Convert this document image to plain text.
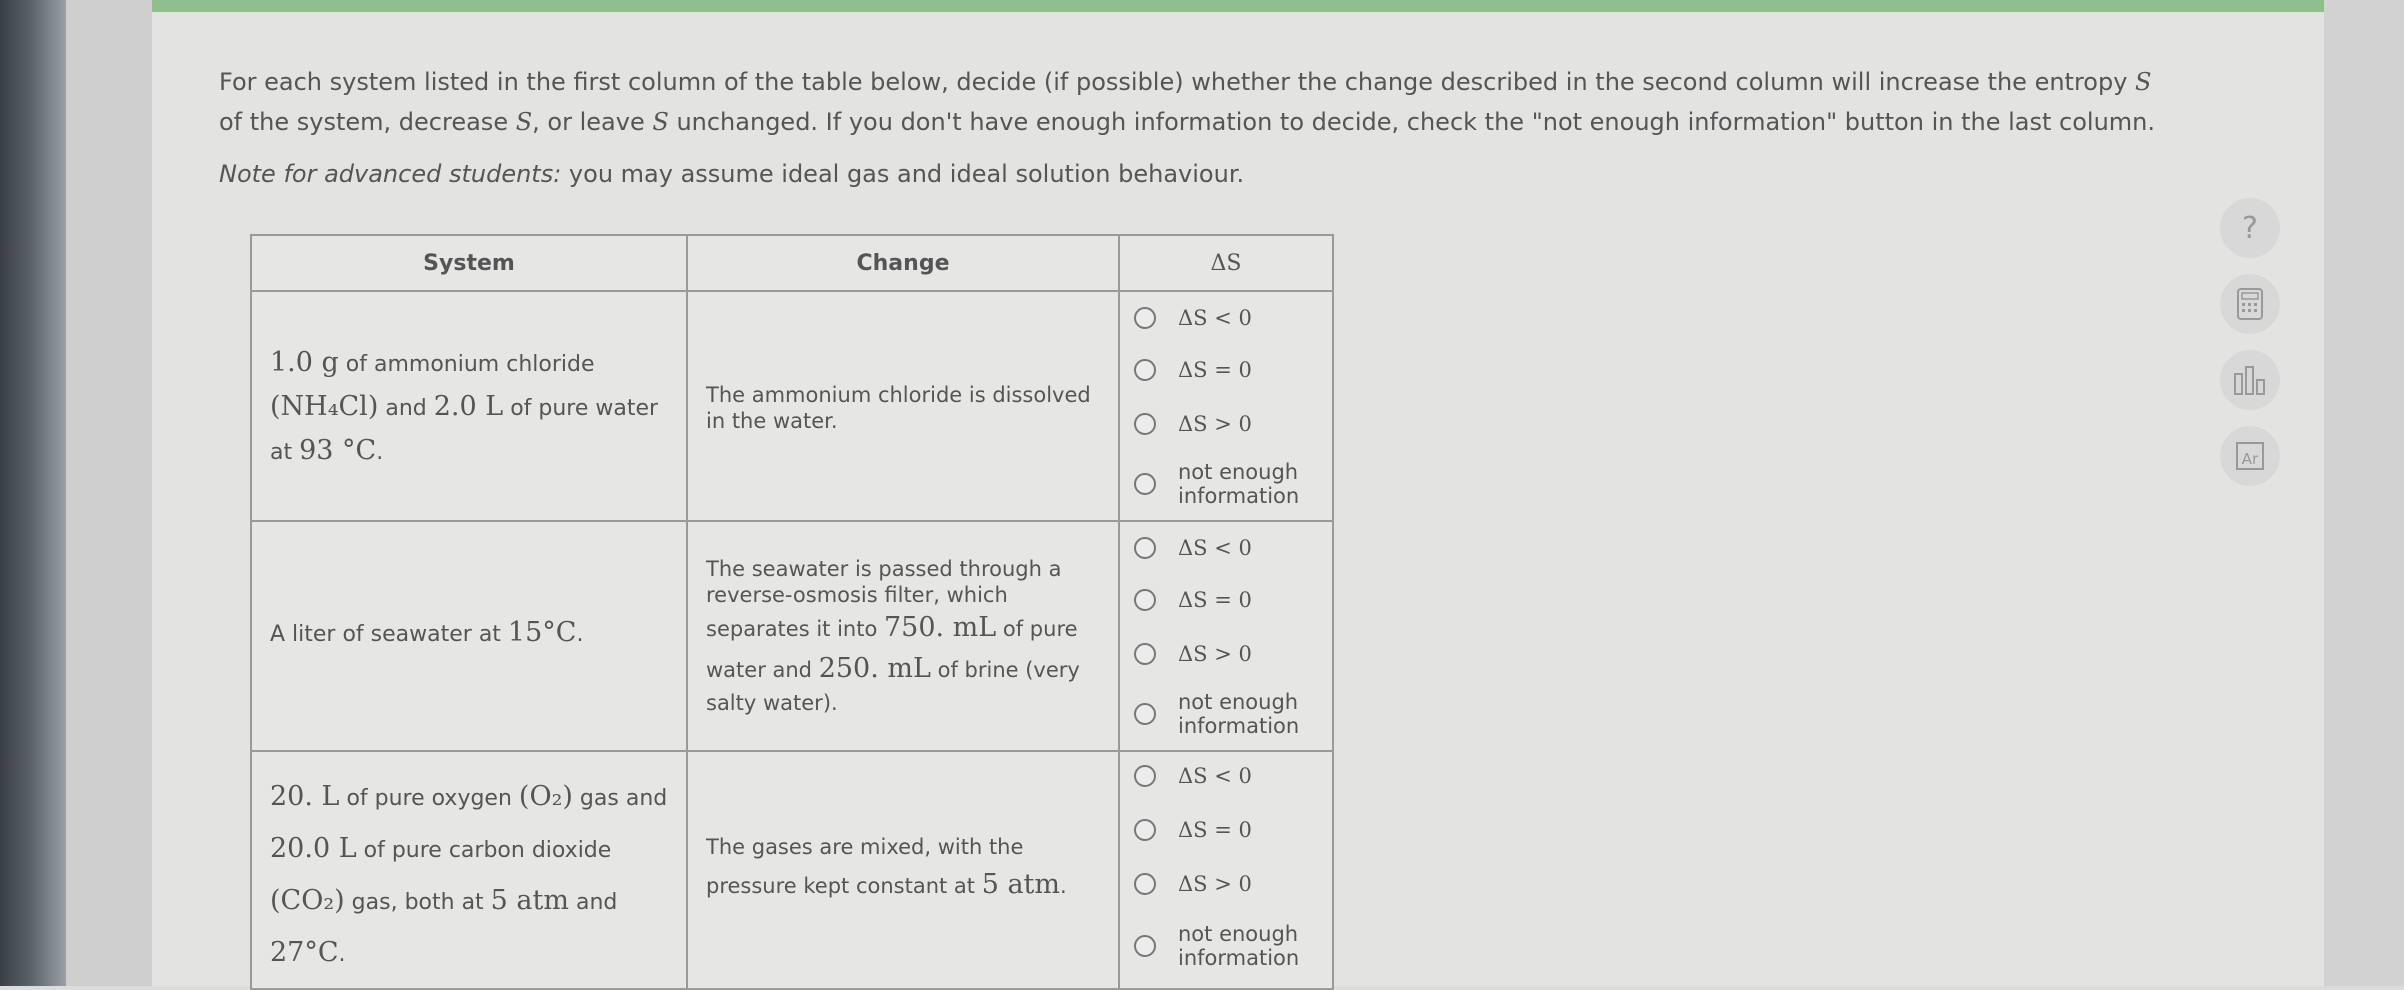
For each system listed in the first column of the table below, decide (if possible) whether the change described in the second column will increase the entropy S
of the system, decrease S, or leave S unchanged. If you don't have enough information to decide, check the "not enough information" button in the last column.
Note for advanced students: you may assume ideal gas and ideal solution behaviour.
System	Change	ΔS
1.0 g of ammonium chloride
(NH₄Cl) and 2.0 L of pure water
at 93 °C.
The ammonium chloride is dissolved in the water.
ΔS < 0
ΔS = 0
ΔS > 0
not enough
information
A liter of seawater at 15°C.
The seawater is passed through a reverse-osmosis filter, which
separates it into 750. mL of pure
water and 250. mL of brine (very
salty water).
ΔS < 0
ΔS = 0
ΔS > 0
not enough
information
20. L of pure oxygen (O₂) gas and
20.0 L of pure carbon dioxide
(CO₂) gas, both at 5 atm and
27°C.
The gases are mixed, with the
pressure kept constant at 5 atm.
ΔS < 0
ΔS = 0
ΔS > 0
not enough
information
?
Ar
